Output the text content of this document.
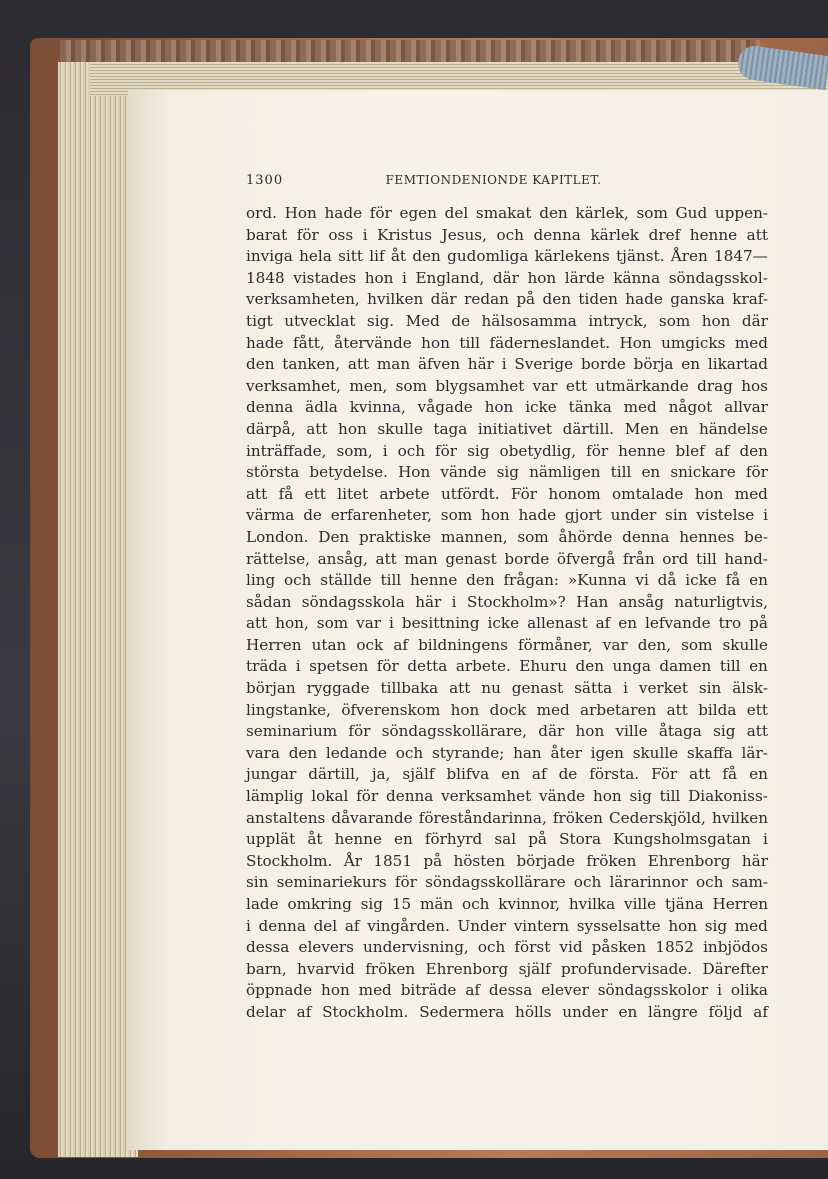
1300	FEMTIONDENIONDE KAPITLET.
ord. Hon hade för egen del smakat den kärlek, som Gud uppen-
barat för oss i Kristus Jesus, och denna kärlek dref henne att
inviga hela sitt lif åt den gudomliga kärlekens tjänst. Åren 1847—
1848 vistades hon i England, där hon lärde känna söndagsskol-
verksamheten, hvilken där redan på den tiden hade ganska kraf-
tigt utvecklat sig. Med de hälsosamma intryck, som hon där
hade fått, återvände hon till fäderneslandet. Hon umgicks med
den tanken, att man äfven här i Sverige borde börja en likartad
verksamhet, men, som blygsamhet var ett utmärkande drag hos
denna ädla kvinna, vågade hon icke tänka med något allvar
därpå, att hon skulle taga initiativet därtill. Men en händelse
inträffade, som, i och för sig obetydlig, för henne blef af den
största betydelse. Hon vände sig nämligen till en snickare för
att få ett litet arbete utfördt. För honom omtalade hon med
värma de erfarenheter, som hon hade gjort under sin vistelse i
London. Den praktiske mannen, som åhörde denna hennes be-
rättelse, ansåg, att man genast borde öfvergå från ord till hand-
ling och ställde till henne den frågan: »Kunna vi då icke få en
sådan söndagsskola här i Stockholm»? Han ansåg naturligtvis,
att hon, som var i besittning icke allenast af en lefvande tro på
Herren utan ock af bildningens förmåner, var den, som skulle
träda i spetsen för detta arbete. Ehuru den unga damen till en
början ryggade tillbaka att nu genast sätta i verket sin älsk-
lingstanke, öfverenskom hon dock med arbetaren att bilda ett
seminarium för söndagsskollärare, där hon ville åtaga sig att
vara den ledande och styrande; han åter igen skulle skaffa lär-
jungar därtill, ja, själf blifva en af de första. För att få en
lämplig lokal för denna verksamhet vände hon sig till Diakoniss-
anstaltens dåvarande föreståndarinna, fröken Cederskjöld, hvilken
upplät åt henne en förhyrd sal på Stora Kungsholmsgatan i
Stockholm. År 1851 på hösten började fröken Ehrenborg här
sin seminariekurs för söndagsskollärare och lärarinnor och sam-
lade omkring sig 15 män och kvinnor, hvilka ville tjäna Herren
i denna del af vingården. Under vintern sysselsatte hon sig med
dessa elevers undervisning, och först vid påsken 1852 inbjödos
barn, hvarvid fröken Ehrenborg själf profundervisade. Därefter
öppnade hon med biträde af dessa elever söndagsskolor i olika
delar af Stockholm. Sedermera hölls under en längre följd af
